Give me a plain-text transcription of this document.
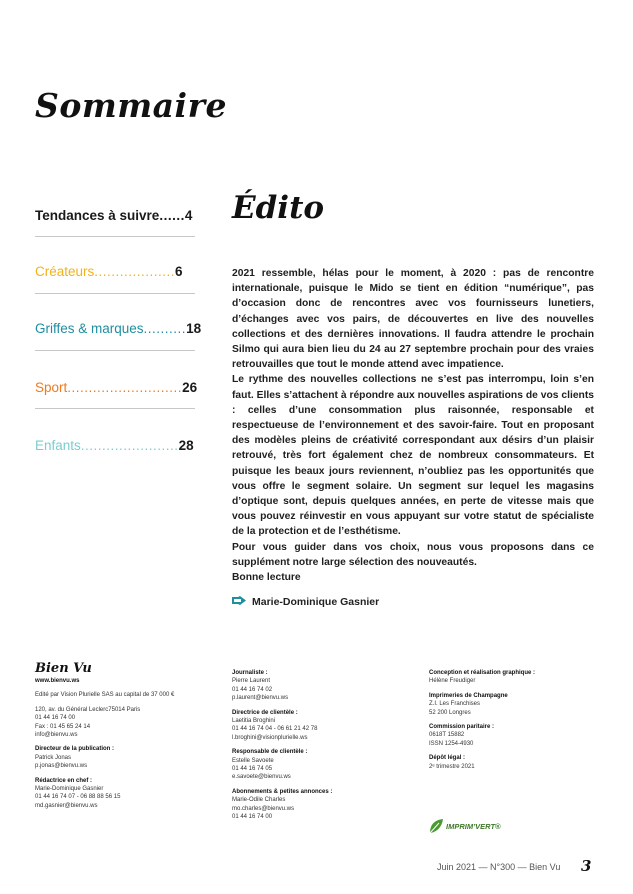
Sommaire
Tendances à suivre......4
Créateurs...................6
Griffes & marques..........18
Sport...........................26
Enfants.......................28
Édito

2021 ressemble, hélas pour le moment, à 2020 : pas de rencontre internationale, puisque le Mido se tient en édition “numérique”, pas d’occasion donc de rencontres avec vos fournisseurs lunetiers, d’échanges avec vos pairs, de découvertes en live des nouvelles collections et des dernières innovations. Il faudra attendre le prochain Silmo qui aura bien lieu du 24 au 27 septembre prochain pour des vraies retrouvailles que tout le monde attend avec impatience.

Le rythme des nouvelles collections ne s’est pas interrompu, loin s’en faut. Elles s’attachent à répondre aux nouvelles aspirations de vos clients : celles d’une consommation plus raisonnée, responsable et respectueuse de l’environnement et des savoir-faire. Tout en proposant des modèles pleins de créativité correspondant aux désirs d’un plaisir retrouvé, très fort également chez de nombreux consommateurs. Et puisque les beaux jours reviennent, n’oubliez pas les opportunités que vous offre le segment solaire. Un segment sur lequel les magasins d’optique sont, depuis quelques années, en perte de vitesse mais que vous pouvez réinvestir en vous appuyant sur votre statut de spécialiste de la protection et de l’esthétisme.

Pour vous guider dans vos choix, nous vous proposons dans ce supplément notre large sélection des nouveautés.

Bonne lecture

Marie-Dominique Gasnier
Bien Vu
www.bienvu.ws
Edité par Vision Plurielle SAS au capital de 37 000 €
120, av. du Général Leclerc75014 Paris
01 44 16 74 00
Fax : 01 45 65 24 14
info@bienvu.ws
Directeur de la publication :
Patrick Jonas
p.jonas@bienvu.ws
Rédactrice en chef :
Marie-Dominique Gasnier
01 44 16 74 07 - 06 88 88 56 15
md.gasnier@bienvu.ws
Journaliste :
Pierre Laurent
01 44 16 74 02
p.laurent@bienvu.ws
Directrice de clientèle :
Laetitia Broghini
01 44 16 74 04 - 06 61 21 42 78
l.broghini@visionplurielle.ws
Responsable de clientèle :
Estelle Savoete
01 44 16 74 05
e.savoete@bienvu.ws
Abonnements & petites annonces :
Marie-Odile Charles
mo.charles@bienvu.ws
01 44 16 74 00
Conception et réalisation graphique :
Hélène Freudiger
Imprimeries de Champagne
Z.I. Les Franchises
52 200 Longres
Commission paritaire :
0618T 15882
ISSN 1254-4930
Dépôt légal :
2ᵉ trimestre 2021
IMPRIM’VERT®
Juin 2021 — N°300 — Bien Vu 3
